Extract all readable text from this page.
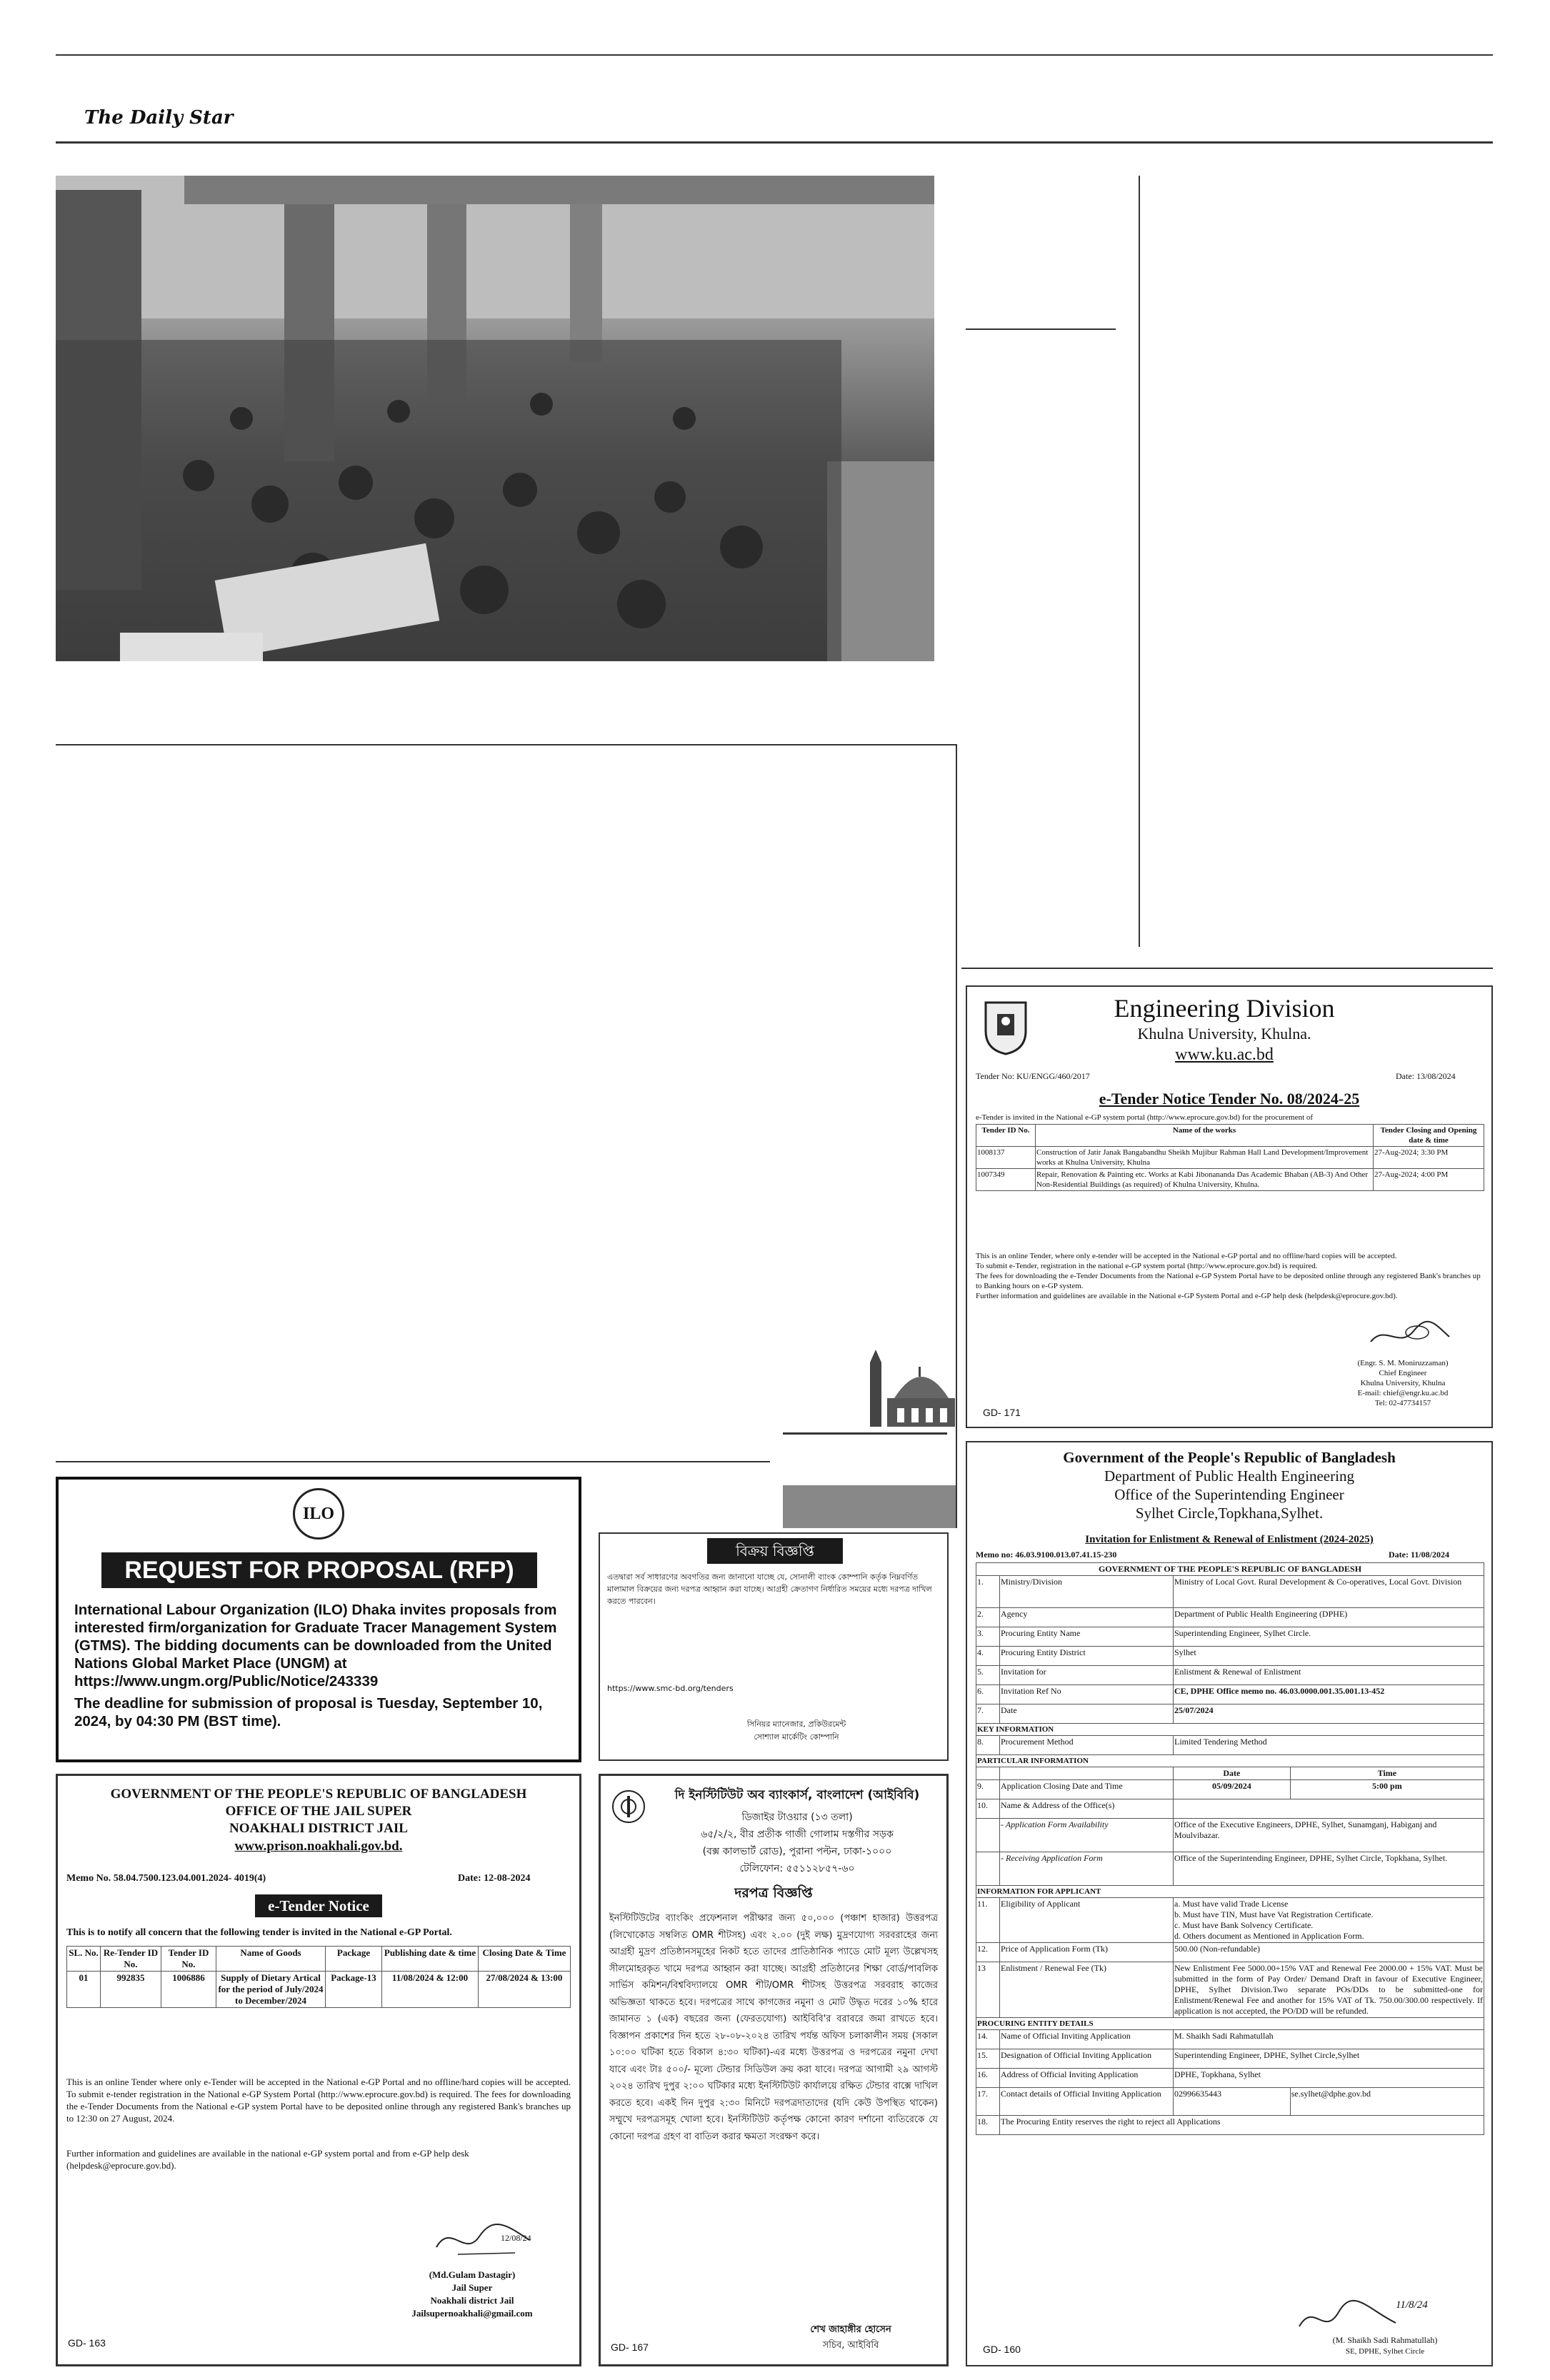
The Daily Star
ILO
REQUEST FOR PROPOSAL (RFP)
International Labour Organization (ILO) Dhaka invites proposals from interested firm/organization for Graduate Tracer Management System (GTMS). The bidding documents can be downloaded from the United Nations Global Market Place (UNGM) at
https://www.ungm.org/Public/Notice/243339
The deadline for submission of proposal is Tuesday, September 10, 2024, by 04:30 PM (BST time).
বিক্রয় বিজ্ঞপ্তি
এতদ্বারা সর্ব সাধারণের অবগতির জন্য জানানো যাচ্ছে যে, সোনালী ব্যাংক কোম্পানি কর্তৃক নিম্নবর্ণিত মালামাল বিক্রয়ের জন্য দরপত্র আহ্বান করা যাচ্ছে। আগ্রহী ক্রেতাগণ নির্ধারিত সময়ের মধ্যে দরপত্র দাখিল করতে পারবেন।
https://www.smc-bd.org/tenders
সিনিয়র ম্যানেজার, প্রকিউরমেন্ট
সোশ্যাল মার্কেটিং কোম্পানি
GOVERNMENT OF THE PEOPLE'S REPUBLIC OF BANGLADESH
OFFICE OF THE JAIL SUPER
NOAKHALI DISTRICT JAIL
www.prison.noakhali.gov.bd.
Memo No. 58.04.7500.123.04.001.2024- 4019(4)	Date: 12-08-2024
e-Tender Notice
This is to notify all concern that the following tender is invited in the National e-GP Portal.
SL. No.	Re-Tender ID No.	Tender ID No.	Name of Goods	Package	Publishing date & time	Closing Date & Time
01	992835	1006886	Supply of Dietary Artical for the period of July/2024 to December/2024	Package-13	11/08/2024 & 12:00	27/08/2024 & 13:00
This is an online Tender where only e-Tender will be accepted in the National e-GP Portal and no offline/hard copies will be accepted. To submit e-tender registration in the National e-GP System Portal (http://www.eprocure.gov.bd) is required. The fees for downloading the e-Tender Documents from the National e-GP system Portal have to be deposited online through any registered Bank's branches up to 12:30 on 27 August, 2024.
Further information and guidelines are available in the national e-GP system portal and from e-GP help desk (helpdesk@eprocure.gov.bd).
12/08/24
(Md.Gulam Dastagir)
Jail Super
Noakhali district Jail
Jailsupernoakhali@gmail.com
GD- 163
দি ইনস্টিটিউট অব ব্যাংকার্স, বাংলাদেশ (আইবিবি)
ডিজাইর টাওয়ার (১৩ তলা)
৬৫/২/২, বীর প্রতীক গাজী গোলাম দস্তগীর সড়ক
(বক্স কালভার্ট রোড), পুরানা পল্টন, ঢাকা-১০০০
টেলিফোন: ৫৫১১২৮৫৭-৬০
দরপত্র বিজ্ঞপ্তি
ইনস্টিটিউটের ব্যাংকিং প্রফেশনাল পরীক্ষার জন্য ৫০,০০০ (পঞ্চাশ হাজার) উত্তরপত্র (লিখোকোড সম্বলিত OMR শীটসহ) এবং ২.০০ (দুই লক্ষ) মুদ্রণযোগ্য সরবরাহের জন্য আগ্রহী মুদ্রণ প্রতিষ্ঠানসমূহের নিকট হতে তাদের প্রাতিষ্ঠানিক প্যাডে মোট মূল্য উল্লেখসহ সীলমোহরকৃত খামে দরপত্র আহ্বান করা যাচ্ছে। আগ্রহী প্রতিষ্ঠানের শিক্ষা বোর্ড/পাবলিক সার্ভিস কমিশন/বিশ্ববিদ্যালয়ে OMR শীট/OMR শীটসহ উত্তরপত্র সরবরাহ কাজের অভিজ্ঞতা থাকতে হবে। দরপত্রের সাথে কাগজের নমুনা ও মোট উদ্ধৃত দরের ১০% হারে জামানত ১ (এক) বছরের জন্য (ফেরতযোগ্য) আইবিবি'র বরাবরে জমা রাখতে হবে। বিজ্ঞাপন প্রকাশের দিন হতে ২৮-০৮-২০২৪ তারিখ পর্যন্ত অফিস চলাকালীন সময় (সকাল ১০:০০ ঘটিকা হতে বিকাল ৪:৩০ ঘটিকা)-এর মধ্যে উত্তরপত্র ও দরপত্রের নমুনা দেখা যাবে এবং টাঃ ৫০০/- মূল্যে টেন্ডার সিডিউল ক্রয় করা যাবে। দরপত্র আগামী ২৯ আগস্ট ২০২৪ তারিখ দুপুর ২:০০ ঘটিকার মধ্যে ইনস্টিটিউট কার্যালয়ে রক্ষিত টেন্ডার বাক্সে দাখিল করতে হবে। একই দিন দুপুর ২:৩০ মিনিটে দরপত্রদাতাদের (যদি কেউ উপস্থিত থাকেন) সম্মুখে দরপত্রসমূহ খোলা হবে। ইনস্টিটিউট কর্তৃপক্ষ কোনো কারণ দর্শানো ব্যতিরেকে যে কোনো দরপত্র গ্রহণ বা বাতিল করার ক্ষমতা সংরক্ষণ করে।
শেখ জাহাঙ্গীর হোসেন
সচিব, আইবিবি
GD- 167
Engineering Division
Khulna University, Khulna.
www.ku.ac.bd
Tender No: KU/ENGG/460/2017	Date: 13/08/2024
e-Tender Notice Tender No. 08/2024-25
e-Tender is invited in the National e-GP system portal (http://www.eprocure.gov.bd) for the procurement of
Tender ID No.	Name of the works	Tender Closing and Opening date & time
1008137	Construction of Jatir Janak Bangabandhu Sheikh Mujibur Rahman Hall Land Development/Improvement works at Khulna University, Khulna	27-Aug-2024; 3:30 PM
1007349	Repair, Renovation & Painting etc. Works at Kabi Jibonananda Das Academic Bhaban (AB-3) And Other Non-Residential Buildings (as required) of Khulna University, Khulna.	27-Aug-2024; 4:00 PM
This is an online Tender, where only e-tender will be accepted in the National e-GP portal and no offline/hard copies will be accepted.
To submit e-Tender, registration in the national e-GP system portal (http://www.eprocure.gov.bd) is required.
The fees for downloading the e-Tender Documents from the National e-GP System Portal have to be deposited online through any registered Bank's branches up to Banking hours on e-GP system.
Further information and guidelines are available in the National e-GP System Portal and e-GP help desk (helpdesk@eprocure.gov.bd).
(Engr. S. M. Moniruzzaman)
Chief Engineer
Khulna University, Khulna
E-mail: chief@engr.ku.ac.bd
Tel: 02-47734157
GD- 171
Government of the People's Republic of Bangladesh
Department of Public Health Engineering
Office of the Superintending Engineer
Sylhet Circle,Topkhana,Sylhet.
Invitation for Enlistment & Renewal of Enlistment (2024-2025)
Memo no: 46.03.9100.013.07.41.15-230	Date: 11/08/2024
GOVERNMENT OF THE PEOPLE'S REPUBLIC OF BANGLADESH			
1.	Ministry/Division	Ministry of Local Govt. Rural Development & Co-operatives, Local Govt. Division	
2.	Agency	Department of Public Health Engineering (DPHE)	
3.	Procuring Entity Name	Superintending Engineer, Sylhet Circle.	
4.	Procuring Entity District	Sylhet	
5.	Invitation for	Enlistment & Renewal of Enlistment	
6.	Invitation Ref No	CE, DPHE Office memo no. 46.03.0000.001.35.001.13-452	
7.	Date	25/07/2024	
KEY INFORMATION			
8.	Procurement Method	Limited Tendering Method	
PARTICULAR INFORMATION			
		Date	Time
9.	Application Closing Date and Time	05/09/2024	5:00 pm
10.	Name & Address of the Office(s)		
	- Application Form Availability	Office of the Executive Engineers, DPHE, Sylhet, Sunamganj, Habiganj and Moulvibazar.	
	- Receiving Application Form	Office of the Superintending Engineer, DPHE, Sylhet Circle, Topkhana, Sylhet.	
INFORMATION FOR APPLICANT			
11.	Eligibility of Applicant	a. Must have valid Trade License
b. Must have TIN, Must have Vat Registration Certificate.
c. Must have Bank Solvency Certificate.
d. Others document as Mentioned in Application Form.	

12.	Price of Application Form (Tk)	500.00 (Non-refundable)	
13	Enlistment / Renewal Fee (Tk)	New Enlistment Fee 5000.00+15% VAT and Renewal Fee 2000.00 + 15% VAT. Must be submitted in the form of Pay Order/ Demand Draft in favour of Executive Engineer, DPHE, Sylhet Division.Two separate POs/DDs to be submitted-one for Enlistment/Renewal Fee and another for 15% VAT of Tk. 750.00/300.00 respectively. If application is not accepted, the PO/DD will be refunded.	
PROCURING ENTITY DETAILS			
14.	Name of Official Inviting Application	M. Shaikh Sadi Rahmatullah	
15.	Designation of Official Inviting Application	Superintending Engineer, DPHE, Sylhet Circle,Sylhet	
16.	Address of Official Inviting Application	DPHE, Topkhana, Sylhet	
17.	Contact details of Official Inviting Application	02996635443	se.sylhet@dphe.gov.bd
18.	The Procuring Entity reserves the right to reject all Applications		
11/8/24
(M. Shaikh Sadi Rahmatullah)
SE, DPHE, Sylhet Circle
GD- 160
